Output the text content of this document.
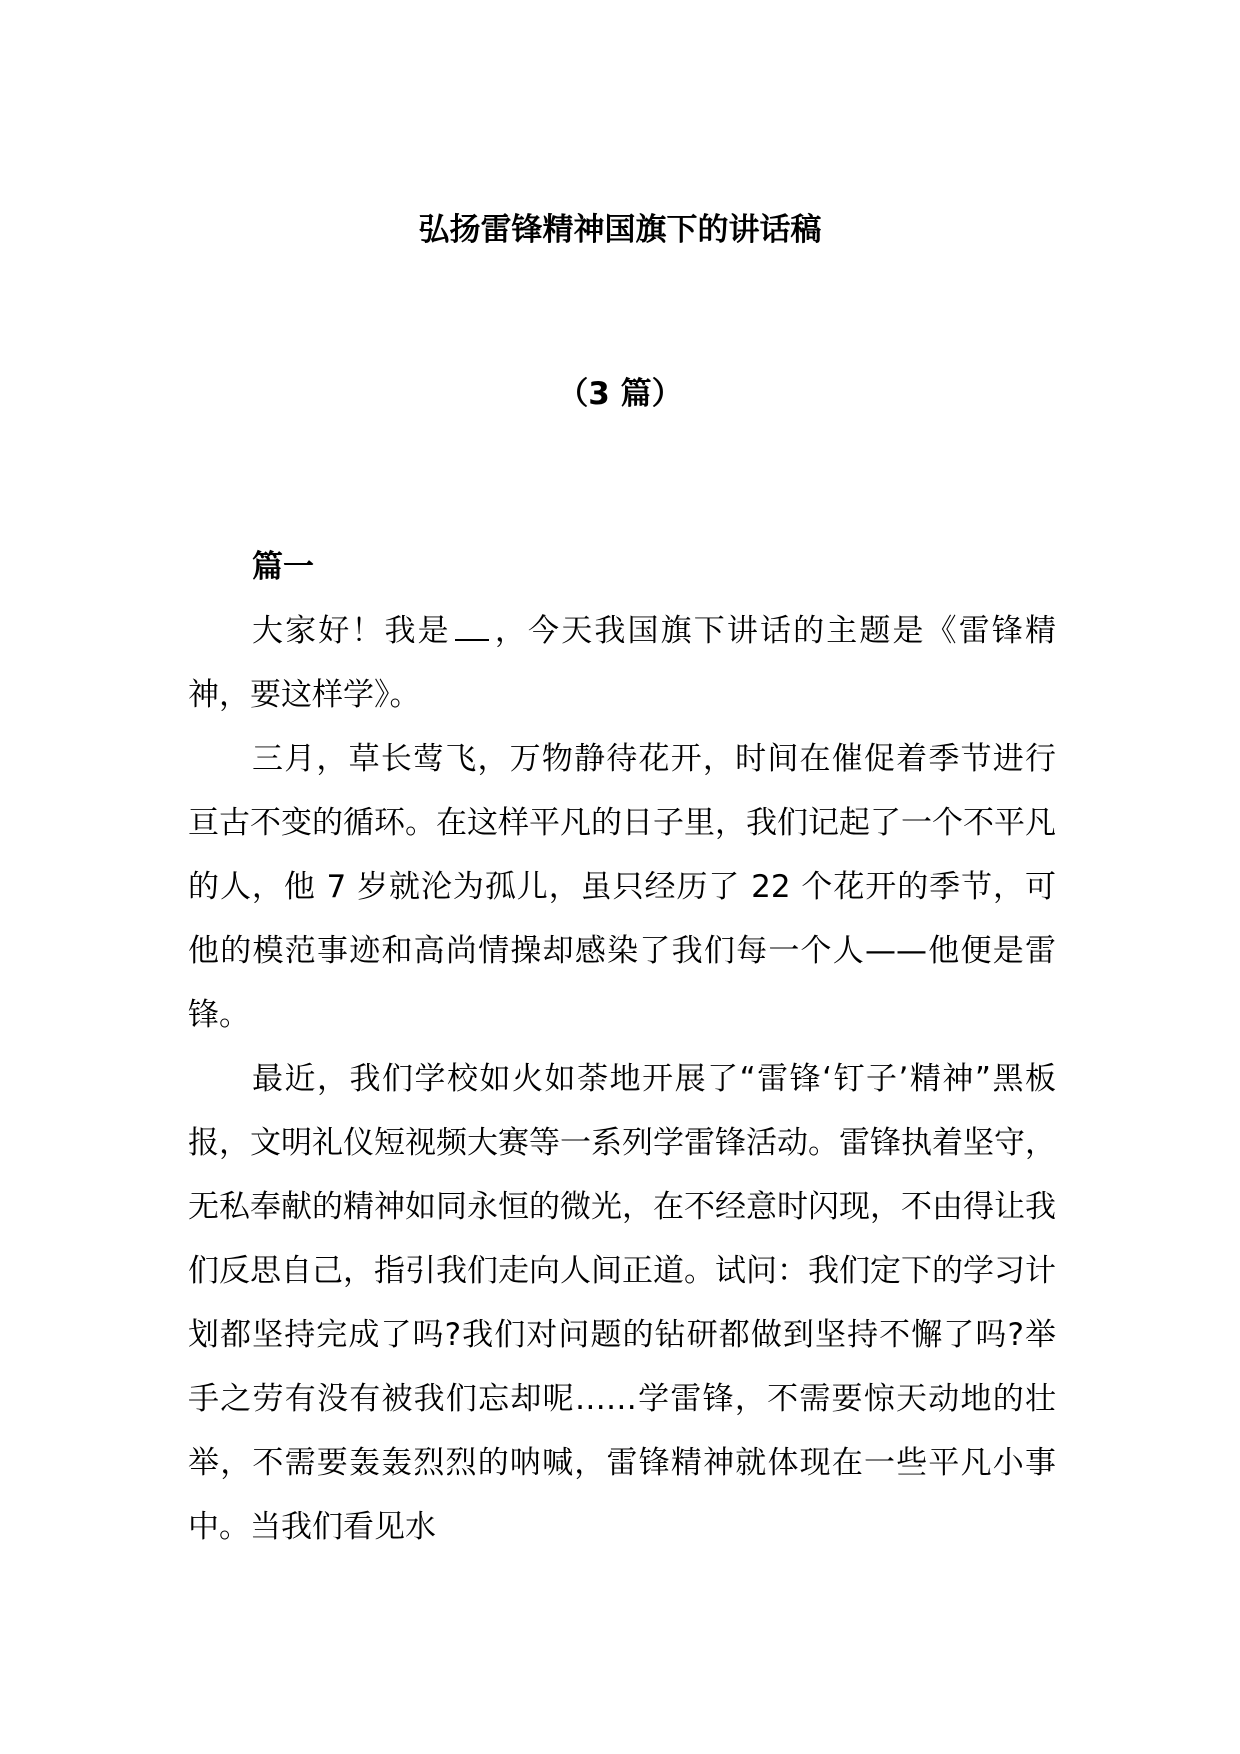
弘扬雷锋精神国旗下的讲话稿
（3 篇）

篇一

大家好！我是 ，今天我国旗下讲话的主题是《雷锋精神，要这样学》。

三月，草长莺飞，万物静待花开，时间在催促着季节进行亘古不变的循环。在这样平凡的日子里，我们记起了一个不平凡的人，他 7 岁就沦为孤儿，虽只经历了 22 个花开的季节，可他的模范事迹和高尚情操却感染了我们每一个人——他便是雷锋。

最近，我们学校如火如荼地开展了“雷锋‘钉子’精神”黑板报，文明礼仪短视频大赛等一系列学雷锋活动。雷锋执着坚守，无私奉献的精神如同永恒的微光，在不经意时闪现，不由得让我们反思自己，指引我们走向人间正道。试问：我们定下的学习计划都坚持完成了吗?我们对问题的钻研都做到坚持不懈了吗?举手之劳有没有被我们忘却呢……学雷锋，不需要惊天动地的壮举，不需要轰轰烈烈的呐喊，雷锋精神就体现在一些平凡小事中。当我们看见水
